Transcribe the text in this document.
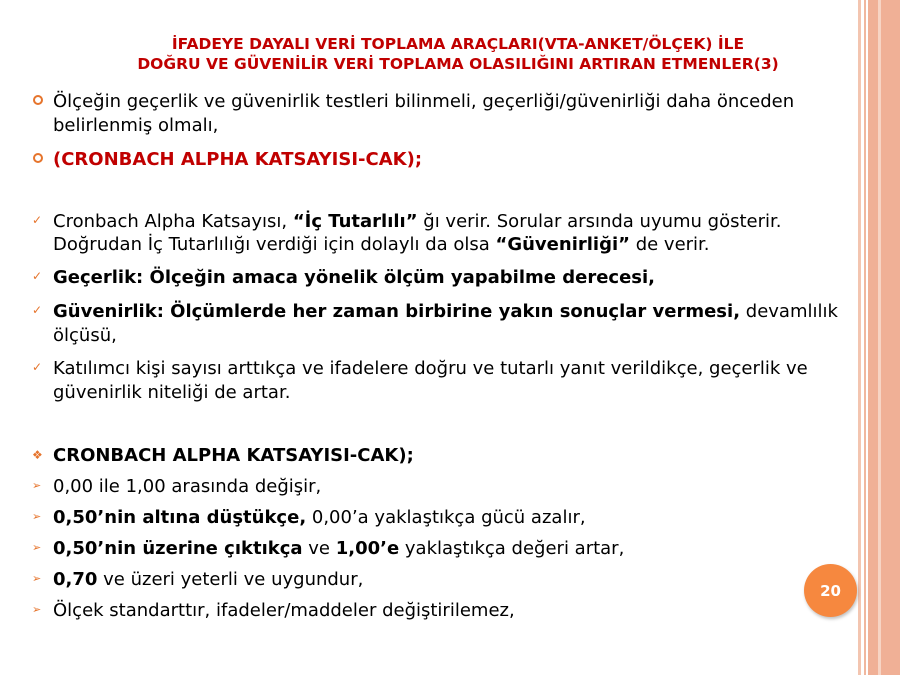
İFADEYE DAYALI VERİ TOPLAMA ARAÇLARI(VTA-ANKET/ÖLÇEK) İLE
DOĞRU VE GÜVENİLİR VERİ TOPLAMA OLASILIĞINI ARTIRAN ETMENLER(3)
Ölçeğin geçerlik ve güvenirlik testleri bilinmeli, geçerliği/güvenirliği daha önceden belirlenmiş olmalı,
(CRONBACH ALPHA KATSAYISI-CAK);
✓ Cronbach Alpha Katsayısı, “İç Tutarlılı” ğı verir. Sorular arsında uyumu gösterir. Doğrudan İç Tutarlılığı verdiği için dolaylı da olsa “Güvenirliği” de verir.
✓ Geçerlik: Ölçeğin amaca yönelik ölçüm yapabilme derecesi,
✓ Güvenirlik: Ölçümlerde her zaman birbirine yakın sonuçlar vermesi, devamlılık ölçüsü,
✓ Katılımcı kişi sayısı arttıkça ve ifadelere doğru ve tutarlı yanıt verildikçe, geçerlik ve güvenirlik niteliği de artar.
❖ CRONBACH ALPHA KATSAYISI-CAK);
➢ 0,00 ile 1,00 arasında değişir,
➢ 0,50’nin altına düştükçe, 0,00’a yaklaştıkça gücü azalır,
➢ 0,50’nin üzerine çıktıkça ve 1,00’e yaklaştıkça değeri artar,
➢ 0,70 ve üzeri yeterli ve uygundur,
➢ Ölçek standarttır, ifadeler/maddeler değiştirilemez,
20
